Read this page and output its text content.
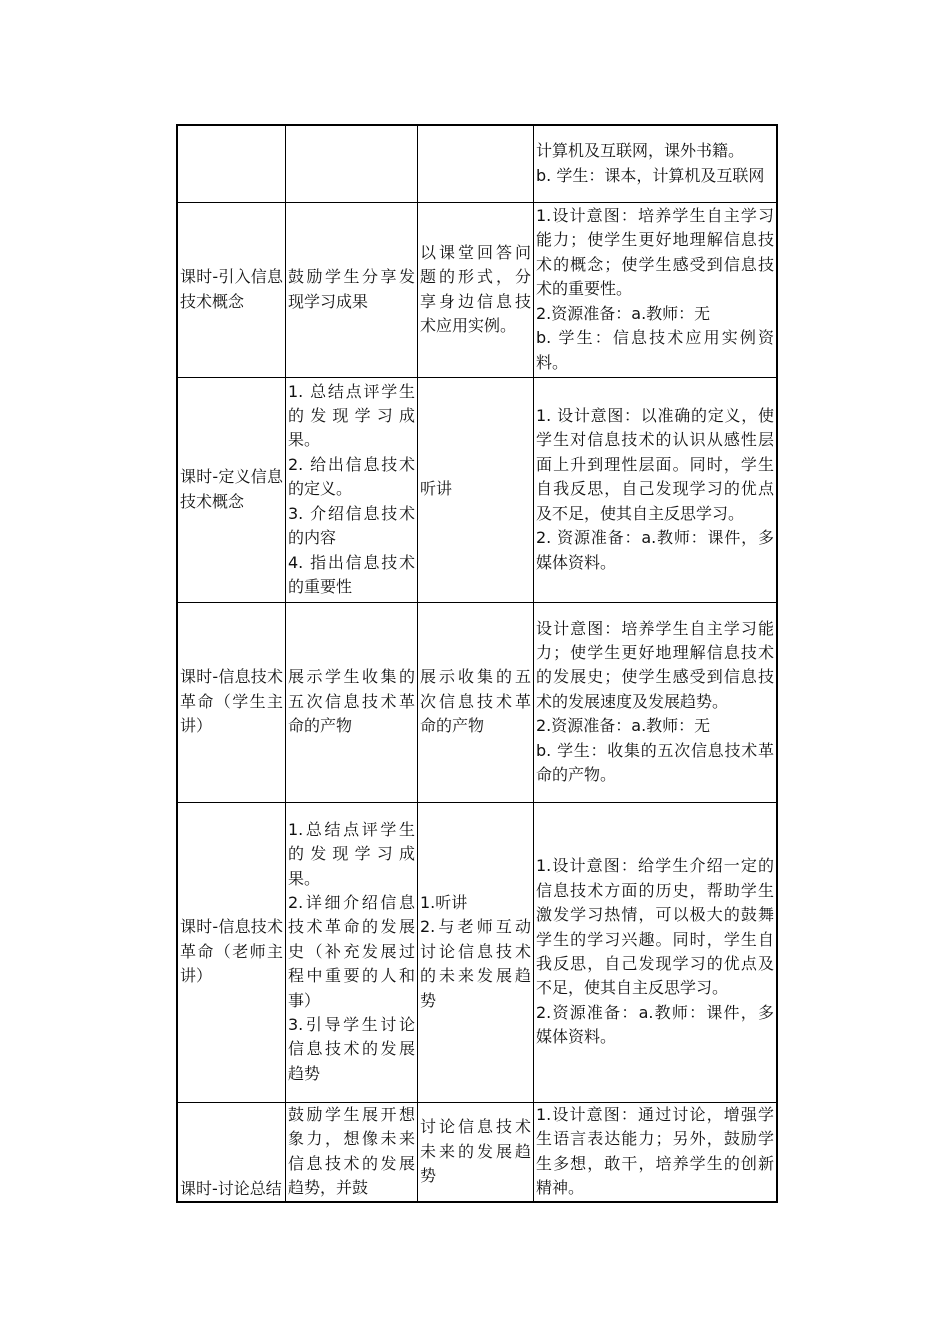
			计算机及互联网，课外书籍。
b. 学生：课本，计算机及互联网

课时-引入信息技术概念	鼓励学生分享发现学习成果	以课堂回答问题的形式，分享身边信息技术应用实例。	1.设计意图：培养学生自主学习能力；使学生更好地理解信息技术的概念；使学生感受到信息技术的重要性。
2.资源准备：a.教师：无
b. 学生：信息技术应用实例资料。

课时-定义信息技术概念	1. 总结点评学生的发现学习成果。
2. 给出信息技术的定义。
3. 介绍信息技术的内容
4. 指出信息技术的重要性	听讲	1. 设计意图：以准确的定义，使学生对信息技术的认识从感性层面上升到理性层面。同时，学生自我反思，自己发现学习的优点及不足，使其自主反思学习。
2. 资源准备：a.教师：课件，多媒体资料。

课时-信息技术革命（学生主讲）	展示学生收集的五次信息技术革命的产物	展示收集的五次信息技术革命的产物	设计意图：培养学生自主学习能力；使学生更好地理解信息技术的发展史；使学生感受到信息技术的发展速度及发展趋势。
2.资源准备：a.教师：无
b. 学生：收集的五次信息技术革命的产物。

课时-信息技术革命（老师主讲）	1.总结点评学生的发现学习成果。
2.详细介绍信息技术革命的发展史（补充发展过程中重要的人和事）
3.引导学生讨论信息技术的发展趋势	1.听讲
2.与老师互动讨论信息技术的未来发展趋势	1.设计意图：给学生介绍一定的信息技术方面的历史，帮助学生激发学习热情，可以极大的鼓舞学生的学习兴趣。同时，学生自我反思，自己发现学习的优点及不足，使其自主反思学习。
2.资源准备：a.教师：课件，多媒体资料。

课时-讨论总结	鼓励学生展开想象力，想像未来信息技术的发展趋势，并鼓	讨论信息技术未来的发展趋势	1.设计意图：通过讨论，增强学生语言表达能力；另外，鼓励学生多想，敢干，培养学生的创新精神。
